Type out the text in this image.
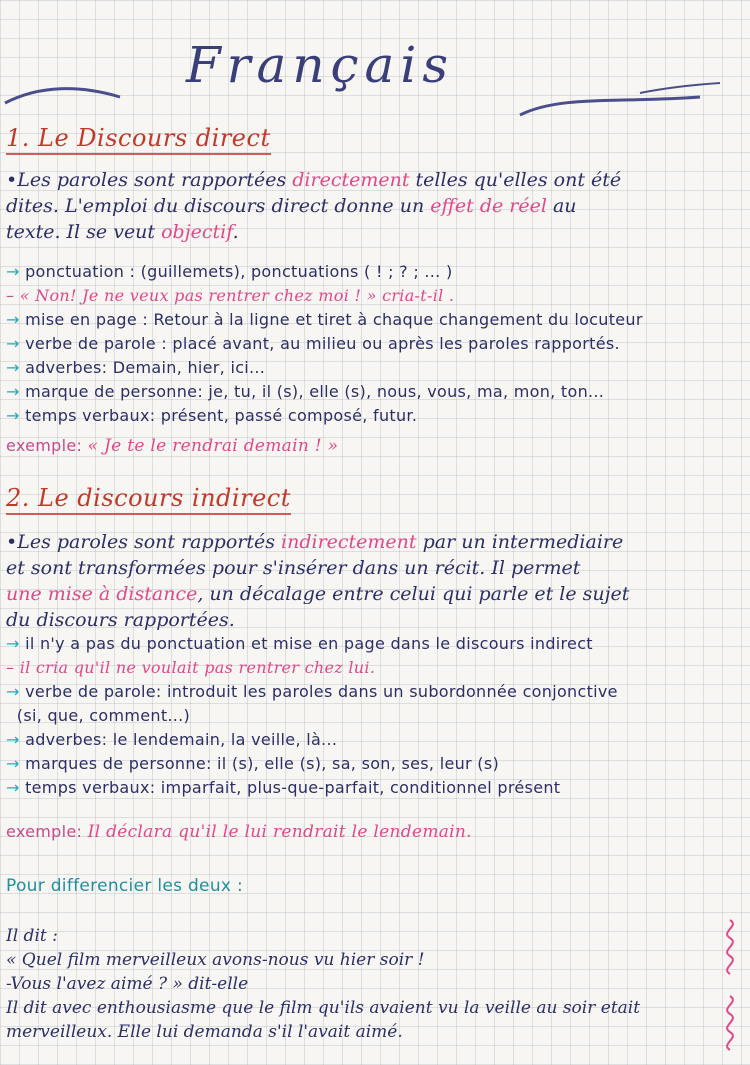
Français
1. Le Discours direct
•Les paroles sont rapportées directement telles qu'elles ont été
dites. L'emploi du discours direct donne un effet de réel au
texte. Il se veut objectif.
→ ponctuation : (guillemets), ponctuations ( ! ; ? ; ... )
– « Non! Je ne veux pas rentrer chez moi ! » cria-t-il .
→ mise en page : Retour à la ligne et tiret à chaque changement du locuteur
→ verbe de parole : placé avant, au milieu ou après les paroles rapportés.
→ adverbes: Demain, hier, ici...
→ marque de personne: je, tu, il (s), elle (s), nous, vous, ma, mon, ton...
→ temps verbaux: présent, passé composé, futur.
exemple: « Je te le rendrai demain ! »
2. Le discours indirect
•Les paroles sont rapportés indirectement par un intermediaire
et sont transformées pour s'insérer dans un récit. Il permet
une mise à distance, un décalage entre celui qui parle et le sujet
du discours rapportées.
→ il n'y a pas du ponctuation et mise en page dans le discours indirect
– il cria qu'il ne voulait pas rentrer chez lui.
→ verbe de parole: introduit les paroles dans un subordonnée conjonctive
(si, que, comment...)
→ adverbes: le lendemain, la veille, là...
→ marques de personne: il (s), elle (s), sa, son, ses, leur (s)
→ temps verbaux: imparfait, plus-que-parfait, conditionnel présent
exemple: Il déclara qu'il le lui rendrait le lendemain.
Pour differencier les deux :
Il dit :
« Quel film merveilleux avons-nous vu hier soir !
-Vous l'avez aimé ? » dit-elle
Il dit avec enthousiasme que le film qu'ils avaient vu la veille au soir etait
merveilleux. Elle lui demanda s'il l'avait aimé.
